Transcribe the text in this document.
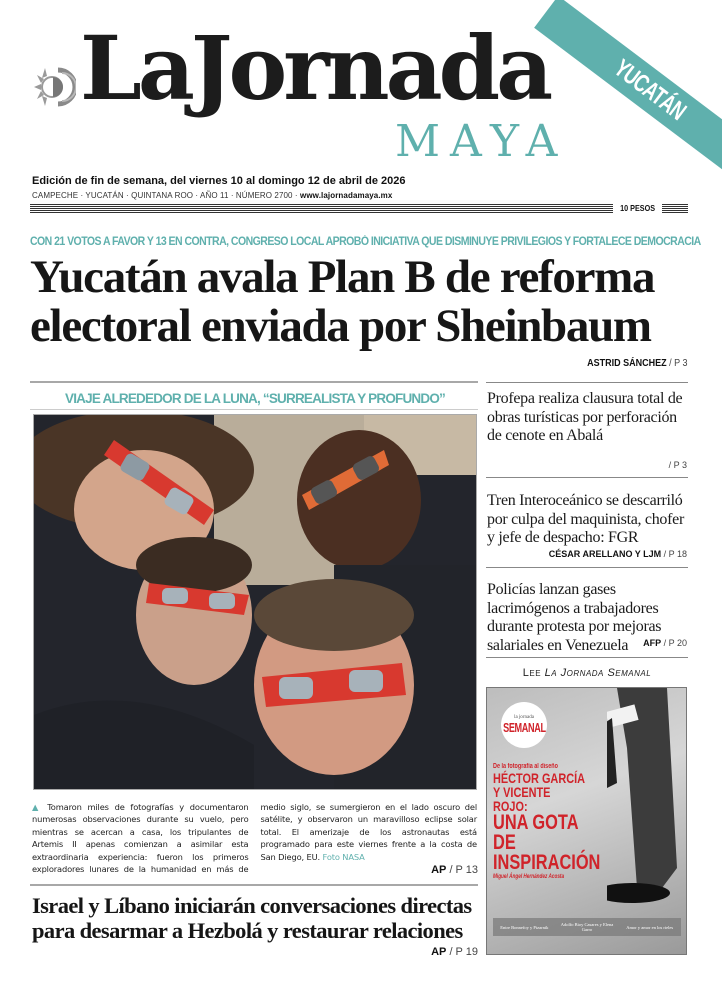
YUCATÁN
LaJornada
MAYA
Edición de fin de semana, del viernes 10 al domingo 12 de abril de 2026
CAMPECHE · YUCATÁN · QUINTANA ROO · AÑO 11 · NÚMERO 2700 · www.lajornadamaya.mx
10 PESOS
CON 21 VOTOS A FAVOR Y 13 EN CONTRA, CONGRESO LOCAL APROBÓ INICIATIVA QUE DISMINUYE PRIVILEGIOS Y FORTALECE DEMOCRACIA
Yucatán avala Plan B de reforma electoral enviada por Sheinbaum
ASTRID SÁNCHEZ / P 3
VIAJE ALREDEDOR DE LA LUNA, “SURREALISTA Y PROFUNDO”
▲ Tomaron miles de fotografías y documentaron numerosas observaciones durante su vuelo, pero mientras se acercan a casa, los tripulantes de Artemis II apenas comienzan a asimilar esta extraordinaria experiencia: fueron los primeros exploradores lunares de la humanidad en más de medio siglo, se sumergieron en el lado oscuro del satélite, y observaron un maravilloso eclipse solar total. El amerizaje de los astronautas está programado para este viernes frente a la costa de San Diego, EU. Foto NASA
AP / P 13
Israel y Líbano iniciarán conversaciones directas para desarmar a Hezbolá y restaurar relaciones
AP / P 19
Profepa realiza clausura total de obras turísticas por perforación de cenote en Abalá
/ P 3
Tren Interoceánico se descarriló por culpa del maquinista, chofer y jefe de despacho: FGR
CÉSAR ARELLANO Y LJM / P 18
Policías lanzan gases lacrimógenos a trabajadores durante protesta por mejoras salariales en Venezuela	AFP / P 20
Lee La Jornada Semanal
la jornada
SEMANAL
De la fotografía al diseño
HÉCTOR GARCÍA
Y VICENTE ROJO:
UNA GOTA DE
INSPIRACIÓN
Miguel Ángel Hernández Acosta
Entre Bonnefoy y Pizarnik	Adolfo Bioy Casares y Elena Garro	Amor y amor en los rieles
